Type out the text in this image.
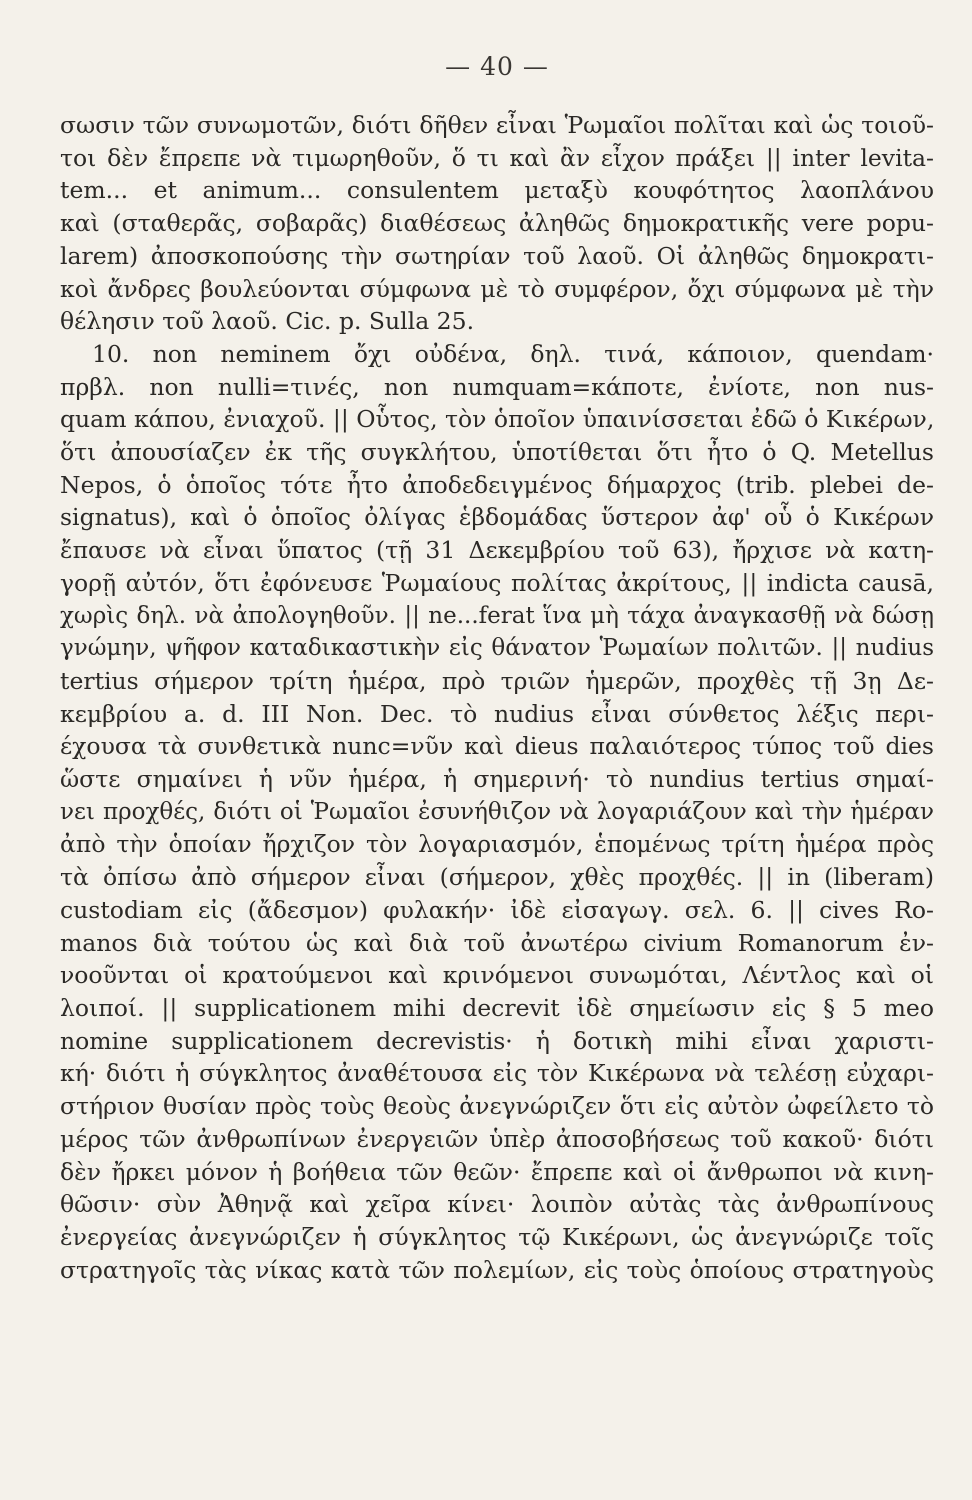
— 40 —
σωσιν τῶν συνωμοτῶν, διότι δῆθεν εἶναι Ῥωμαῖοι πολῖται καὶ ὡς τοιοῦ-
τοι δὲν ἔπρεπε νὰ τιμωρηθοῦν, ὅ τι καὶ ἂν εἶχον πράξει || inter levita-
tem... et animum... consulentem μεταξὺ κουφότητος λαοπλάνου
καὶ (σταθερᾶς, σοβαρᾶς) διαθέσεως ἀληθῶς δημοκρατικῆς vere popu-
larem) ἀποσκοπούσης τὴν σωτηρίαν τοῦ λαοῦ. Οἱ ἀληθῶς δημοκρατι-
κοὶ ἄνδρες βουλεύονται σύμφωνα μὲ τὸ συμφέρον, ὄχι σύμφωνα μὲ τὴν
θέλησιν τοῦ λαοῦ. Cic. p. Sulla 25.
10. non neminem ὄχι οὐδένα, δηλ. τινά, κάποιον, quendam·
πρβλ. non nulli=τινές, non numquam=κάποτε, ἐνίοτε, non nus-
quam κάπου, ἐνιαχοῦ. || Οὗτος, τὸν ὁποῖον ὑπαινίσσεται ἐδῶ ὁ Κικέρων,
ὅτι ἀπουσίαζεν ἐκ τῆς συγκλήτου, ὑποτίθεται ὅτι ἦτο ὁ Q. Metellus
Nepos, ὁ ὁποῖος τότε ἦτο ἀποδεδειγμένος δήμαρχος (trib. plebei de-
signatus), καὶ ὁ ὁποῖος ὀλίγας ἑβδομάδας ὕστερον ἀφ' οὗ ὁ Κικέρων
ἔπαυσε νὰ εἶναι ὕπατος (τῇ 31 Δεκεμβρίου τοῦ 63), ἤρχισε νὰ κατη-
γορῇ αὐτόν, ὅτι ἐφόνευσε Ῥωμαίους πολίτας ἀκρίτους, || indicta causā,
χωρὶς δηλ. νὰ ἀπολογηθοῦν. || ne...ferat ἵνα μὴ τάχα ἀναγκασθῇ νὰ δώσῃ
γνώμην, ψῆφον καταδικαστικὴν εἰς θάνατον Ῥωμαίων πολιτῶν. || nudius
tertius σήμερον τρίτη ἡμέρα, πρὸ τριῶν ἡμερῶν, προχθὲς τῇ 3ῃ Δε-
κεμβρίου a. d. III Non. Dec. τὸ nudius εἶναι σύνθετος λέξις περι-
έχουσα τὰ συνθετικὰ nunc=νῦν καὶ dieus παλαιότερος τύπος τοῦ dies
ὥστε σημαίνει ἡ νῦν ἡμέρα, ἡ σημερινή· τὸ nundius tertius σημαί-
νει προχθές, διότι οἱ Ῥωμαῖοι ἐσυνήθιζον νὰ λογαριάζουν καὶ τὴν ἡμέραν
ἀπὸ τὴν ὁποίαν ἤρχιζον τὸν λογαριασμόν, ἑπομένως τρίτη ἡμέρα πρὸς
τὰ ὀπίσω ἀπὸ σήμερον εἶναι (σήμερον, χθὲς προχθές. || in (liberam)
custodiam εἰς (ἄδεσμον) φυλακήν· ἰδὲ εἰσαγωγ. σελ. 6. || cives Ro-
manos διὰ τούτου ὡς καὶ διὰ τοῦ ἀνωτέρω civium Romanorum ἐν-
νοοῦνται οἱ κρατούμενοι καὶ κρινόμενοι συνωμόται, Λέντλος καὶ οἱ
λοιποί. || supplicationem mihi decrevit ἰδὲ σημείωσιν εἰς § 5 meo
nomine supplicationem decrevistis· ἡ δοτικὴ mihi εἶναι χαριστι-
κή· διότι ἡ σύγκλητος ἀναθέτουσα εἰς τὸν Κικέρωνα νὰ τελέσῃ εὐχαρι-
στήριον θυσίαν πρὸς τοὺς θεοὺς ἀνεγνώριζεν ὅτι εἰς αὐτὸν ὠφείλετο τὸ
μέρος τῶν ἀνθρωπίνων ἐνεργειῶν ὑπὲρ ἀποσοβήσεως τοῦ κακοῦ· διότι
δὲν ἤρκει μόνον ἡ βοήθεια τῶν θεῶν· ἔπρεπε καὶ οἱ ἄνθρωποι νὰ κινη-
θῶσιν· σὺν Ἀθηνᾷ καὶ χεῖρα κίνει· λοιπὸν αὐτὰς τὰς ἀνθρωπίνους
ἐνεργείας ἀνεγνώριζεν ἡ σύγκλητος τῷ Κικέρωνι, ὡς ἀνεγνώριζε τοῖς
στρατηγοῖς τὰς νίκας κατὰ τῶν πολεμίων, εἰς τοὺς ὁποίους στρατηγοὺς
